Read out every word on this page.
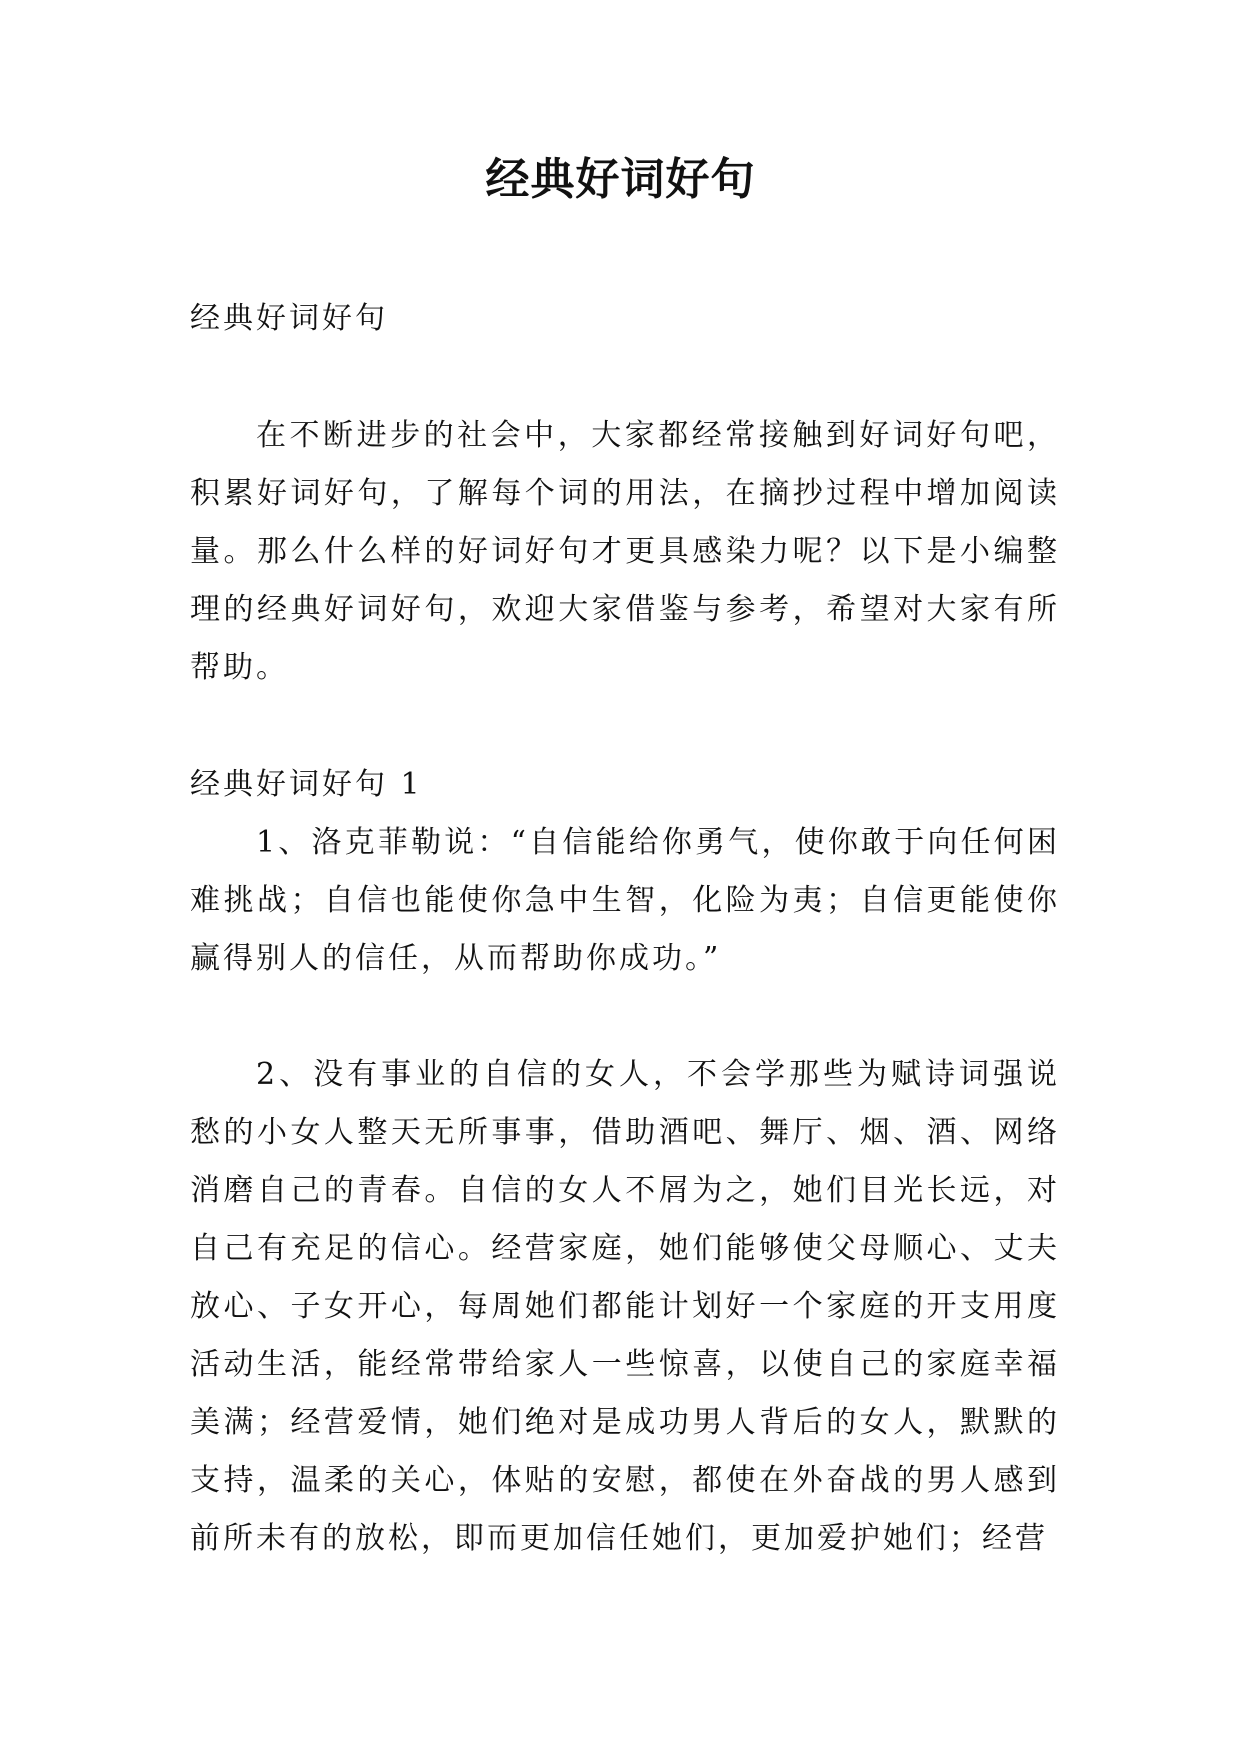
经典好词好句
经典好词好句

在不断进步的社会中，大家都经常接触到好词好句吧，积累好词好句，了解每个词的用法，在摘抄过程中增加阅读量。那么什么样的好词好句才更具感染力呢？以下是小编整理的经典好词好句，欢迎大家借鉴与参考，希望对大家有所帮助。

经典好词好句 1

1、洛克菲勒说：“自信能给你勇气，使你敢于向任何困难挑战；自信也能使你急中生智，化险为夷；自信更能使你赢得别人的信任，从而帮助你成功。”

2、没有事业的自信的女人，不会学那些为赋诗词强说愁的小女人整天无所事事，借助酒吧、舞厅、烟、酒、网络消磨自己的青春。自信的女人不屑为之，她们目光长远，对自己有充足的信心。经营家庭，她们能够使父母顺心、丈夫放心、子女开心，每周她们都能计划好一个家庭的开支用度活动生活，能经常带给家人一些惊喜，以使自己的家庭幸福美满；经营爱情，她们绝对是成功男人背后的女人，默默的支持，温柔的关心，体贴的安慰，都使在外奋战的男人感到前所未有的放松，即而更加信任她们，更加爱护她们；经营
